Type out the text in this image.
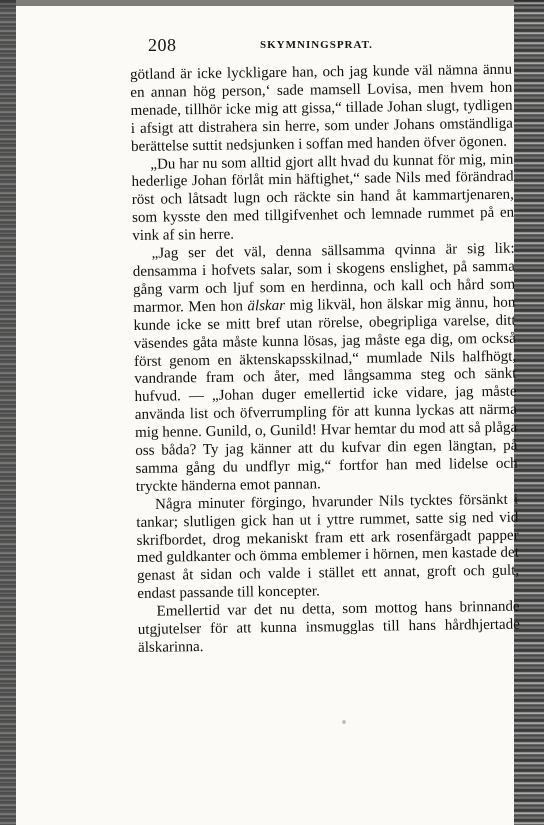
208	SKYMNINGSPRAT.

götland är icke lyckligare han, och jag kunde väl nämna ännu en annan hög person,‘ sade mamsell Lovisa, men hvem hon menade, tillhör icke mig att gissa,“ tillade Johan slugt, tydligen i afsigt att distrahera sin herre, som under Johans omständliga berättelse suttit nedsjunken i soffan med handen öfver ögonen.

„Du har nu som alltid gjort allt hvad du kunnat för mig, min hederlige Johan förlåt min häftighet,“ sade Nils med förändrad röst och låtsadt lugn och räckte sin hand åt kammartjenaren, som kysste den med tillgifvenhet och lemnade rummet på en vink af sin herre.

„Jag ser det väl, denna sällsamma qvinna är sig lik: densamma i hofvets salar, som i skogens enslighet, på samma gång varm och ljuf som en herdinna, och kall och hård som marmor. Men hon älskar mig likväl, hon älskar mig ännu, hon kunde icke se mitt bref utan rörelse, obegripliga varelse, ditt väsendes gåta måste kunna lösas, jag måste ega dig, om också först genom en äktenskapsskilnad,“ mumlade Nils halfhögt, vandrande fram och åter, med långsamma steg och sänkt hufvud. — „Johan duger emellertid icke vidare, jag måste använda list och öfverrumpling för att kunna lyckas att närma mig henne. Gunild, o, Gunild! Hvar hemtar du mod att så plåga oss båda? Ty jag känner att du kufvar din egen längtan, på samma gång du undflyr mig,“ fortfor han med lidelse och tryckte händerna emot pannan.

Några minuter förgingo, hvarunder Nils tycktes försänkt i tankar; slutligen gick han ut i yttre rummet, satte sig ned vid skrifbordet, drog mekaniskt fram ett ark rosenfärgadt papper med guldkanter och ömma emblemer i hörnen, men kastade det genast åt sidan och valde i stället ett annat, groft och gult, endast passande till koncepter.

Emellertid var det nu detta, som mottog hans brinnande utgjutelser för att kunna insmugglas till hans hårdhjertade älskarinna.
